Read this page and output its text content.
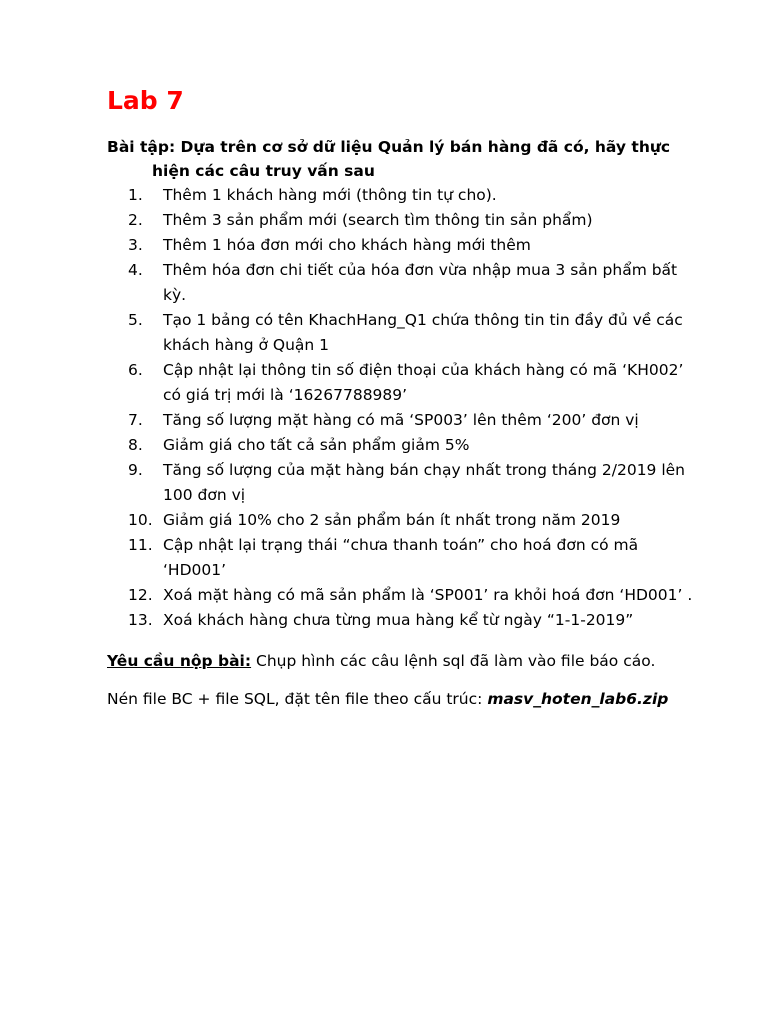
Lab 7
Bài tập: Dựa trên cơ sở dữ liệu Quản lý bán hàng đã có, hãy thực
hiện các câu truy vấn sau
1.	Thêm 1 khách hàng mới (thông tin tự cho).
2.	Thêm 3 sản phẩm mới (search tìm thông tin sản phẩm)
3.	Thêm 1 hóa đơn mới cho khách hàng mới thêm
4.	Thêm hóa đơn chi tiết của hóa đơn vừa nhập mua 3 sản phẩm bất kỳ.
5.	Tạo 1 bảng có tên KhachHang_Q1 chứa thông tin tin đầy đủ về các khách hàng ở Quận 1
6.	Cập nhật lại thông tin số điện thoại của khách hàng có mã ‘KH002’ có giá trị mới là ‘16267788989’
7.	Tăng số lượng mặt hàng có mã ‘SP003’ lên thêm ‘200’ đơn vị
8.	Giảm giá cho tất cả sản phẩm giảm 5%
9.	Tăng số lượng của mặt hàng bán chạy nhất trong tháng 2/2019 lên 100 đơn vị
10. Giảm giá 10% cho 2 sản phẩm bán ít nhất trong năm 2019
11. Cập nhật lại trạng thái “chưa thanh toán” cho hoá đơn có mã ‘HD001’
12. Xoá mặt hàng có mã sản phẩm là ‘SP001’ ra khỏi hoá đơn ‘HD001’ .
13. Xoá khách hàng chưa từng mua hàng kể từ ngày “1-1-2019”

Yêu cầu nộp bài: Chụp hình các câu lệnh sql đã làm vào file báo cáo.

Nén file BC + file SQL, đặt tên file theo cấu trúc: masv_hoten_lab6.zip
